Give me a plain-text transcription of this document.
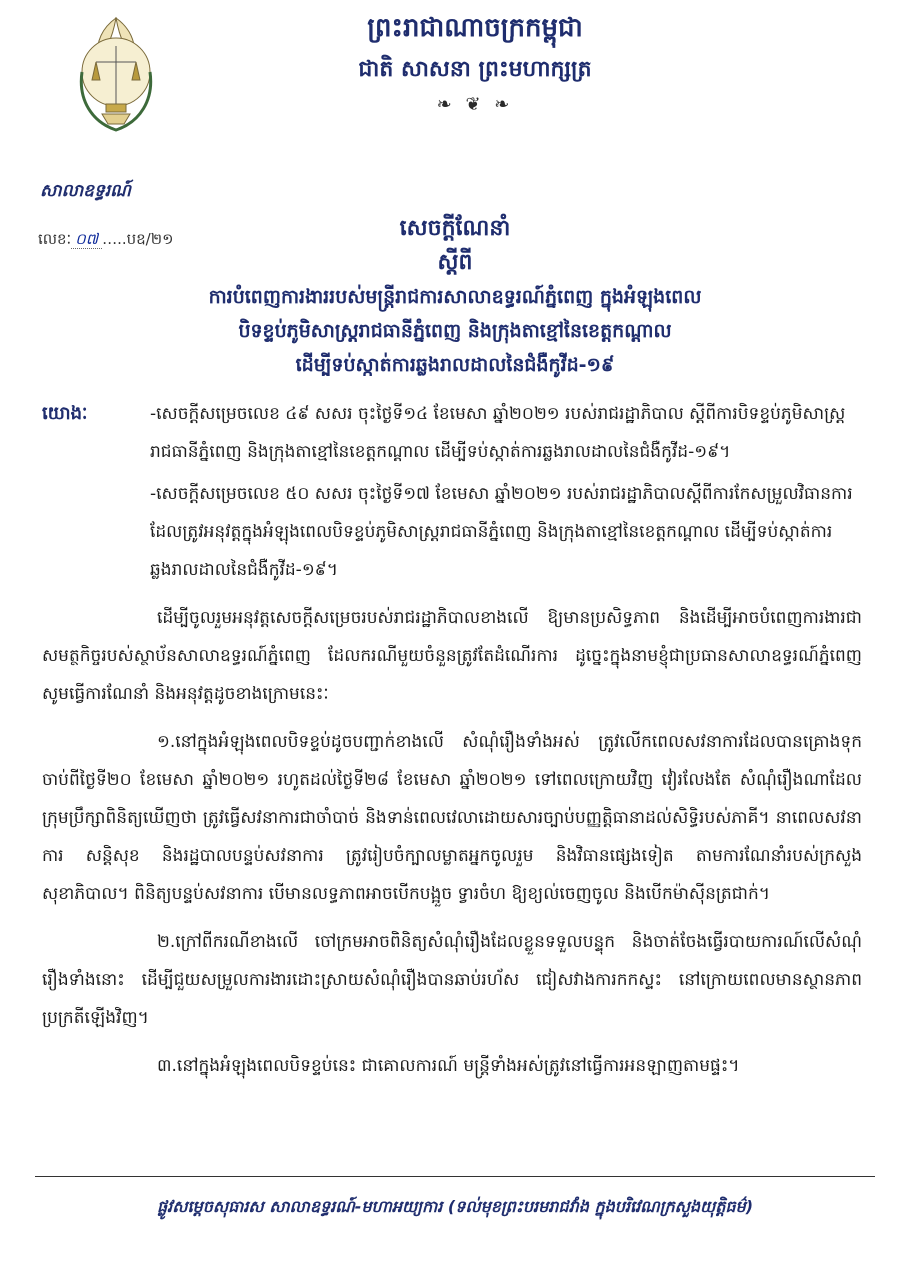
ព្រះរាជាណាចក្រកម្ពុជា
ជាតិ សាសនា ព្រះមហាក្សត្រ
❧ ❦ ❧
សាលាឧទ្ធរណ៍
លេខៈ ០៧ …..បឧ/២១	សេចក្ដីណែនាំ
ស្ដីពី
ការបំពេញការងាររបស់មន្ត្រីរាជការសាលាឧទ្ធរណ៍ភ្នំពេញ ក្នុងអំឡុងពេល
បិទខ្ទប់ភូមិសាស្ត្ររាជធានីភ្នំពេញ និងក្រុងតាខ្មៅនៃខេត្តកណ្ដាល
ដើម្បីទប់ស្កាត់ការឆ្លងរាលដាលនៃជំងឺកូវីដ-១៩
យោងៈ	-សេចក្ដីសម្រេចលេខ ៤៩ សសរ ចុះថ្ងៃទី១៤ ខែមេសា ឆ្នាំ២០២១ របស់រាជរដ្ឋាភិបាល ស្ដីពីការបិទខ្ទប់ភូមិសាស្ត្ររាជធានីភ្នំពេញ និងក្រុងតាខ្មៅនៃខេត្តកណ្ដាល ដើម្បីទប់ស្កាត់ការឆ្លងរាលដាលនៃជំងឺកូវីដ-១៩។
-សេចក្ដីសម្រេចលេខ ៥០ សសរ ចុះថ្ងៃទី១៧ ខែមេសា ឆ្នាំ២០២១ របស់រាជរដ្ឋាភិបាលស្ដីពីការកែសម្រួលវិធានការដែលត្រូវអនុវត្តក្នុងអំឡុងពេលបិទខ្ទប់ភូមិសាស្ត្ររាជធានីភ្នំពេញ និងក្រុងតាខ្មៅនៃខេត្តកណ្ដាល ដើម្បីទប់ស្កាត់ការឆ្លងរាលដាលនៃជំងឺកូវីដ-១៩។
ដើម្បីចូលរួមអនុវត្តសេចក្ដីសម្រេចរបស់រាជរដ្ឋាភិបាលខាងលើ ឱ្យមានប្រសិទ្ធភាព និងដើម្បីអាចបំពេញការងារជាសមត្ថកិច្ចរបស់ស្ថាប័នសាលាឧទ្ធរណ៍ភ្នំពេញ ដែលករណីមួយចំនួនត្រូវតែដំណើរការ ដូច្នេះក្នុងនាមខ្ញុំជាប្រធានសាលាឧទ្ធរណ៍ភ្នំពេញ សូមធ្វើការណែនាំ និងអនុវត្តដូចខាងក្រោមនេះៈ
១.នៅក្នុងអំឡុងពេលបិទខ្ទប់ដូចបញ្ជាក់ខាងលើ សំណុំរឿងទាំងអស់ ត្រូវលើកពេលសវនាការដែលបានគ្រោងទុក ចាប់ពីថ្ងៃទី២០ ខែមេសា ឆ្នាំ២០២១ រហូតដល់ថ្ងៃទី២៨ ខែមេសា ឆ្នាំ២០២១ ទៅពេលក្រោយវិញ វៀរលែងតែ សំណុំរឿងណាដែលក្រុមប្រឹក្សាពិនិត្យឃើញថា ត្រូវធ្វើសវនាការជាចាំបាច់ និងទាន់ពេលវេលាដោយសារច្បាប់បញ្ញត្តិធានាដល់សិទ្ធិរបស់ភាគី។ នាពេលសវនាការ សន្តិសុខ និងរដ្ឋបាលបន្ទប់សវនាការ ត្រូវរៀបចំក្បាលម្លាតអ្នកចូលរួម និងវិធានផ្សេងទៀត តាមការណែនាំរបស់ក្រសួងសុខាភិបាល។ ពិនិត្យបន្ទប់សវនាការ បើមានលទ្ធភាពអាចបើកបង្អួច ទ្វារចំហ ឱ្យខ្យល់ចេញចូល និងបើកម៉ាស៊ីនត្រជាក់។
២.ក្រៅពីករណីខាងលើ ចៅក្រមអាចពិនិត្យសំណុំរឿងដែលខ្លួនទទួលបន្ទុក និងចាត់ចែងធ្វើរបាយការណ៍លើសំណុំរឿងទាំងនោះ ដើម្បីជួយសម្រួលការងារដោះស្រាយសំណុំរឿងបានឆាប់រហ័ស ជៀសវាងការកកស្ទះ នៅក្រោយពេលមានស្ថានភាពប្រក្រតីឡើងវិញ។
៣.នៅក្នុងអំឡុងពេលបិទខ្ទប់នេះ ជាគោលការណ៍ មន្ត្រីទាំងអស់ត្រូវនៅធ្វើការអនឡាញតាមផ្ទះ។
ផ្លូវសម្ដេចសុធារស សាលាឧទ្ធរណ៍-មហាអយ្យការ (ទល់មុខព្រះបរមរាជវាំង ក្នុងបរិវេណក្រសួងយុត្តិធម៌)
